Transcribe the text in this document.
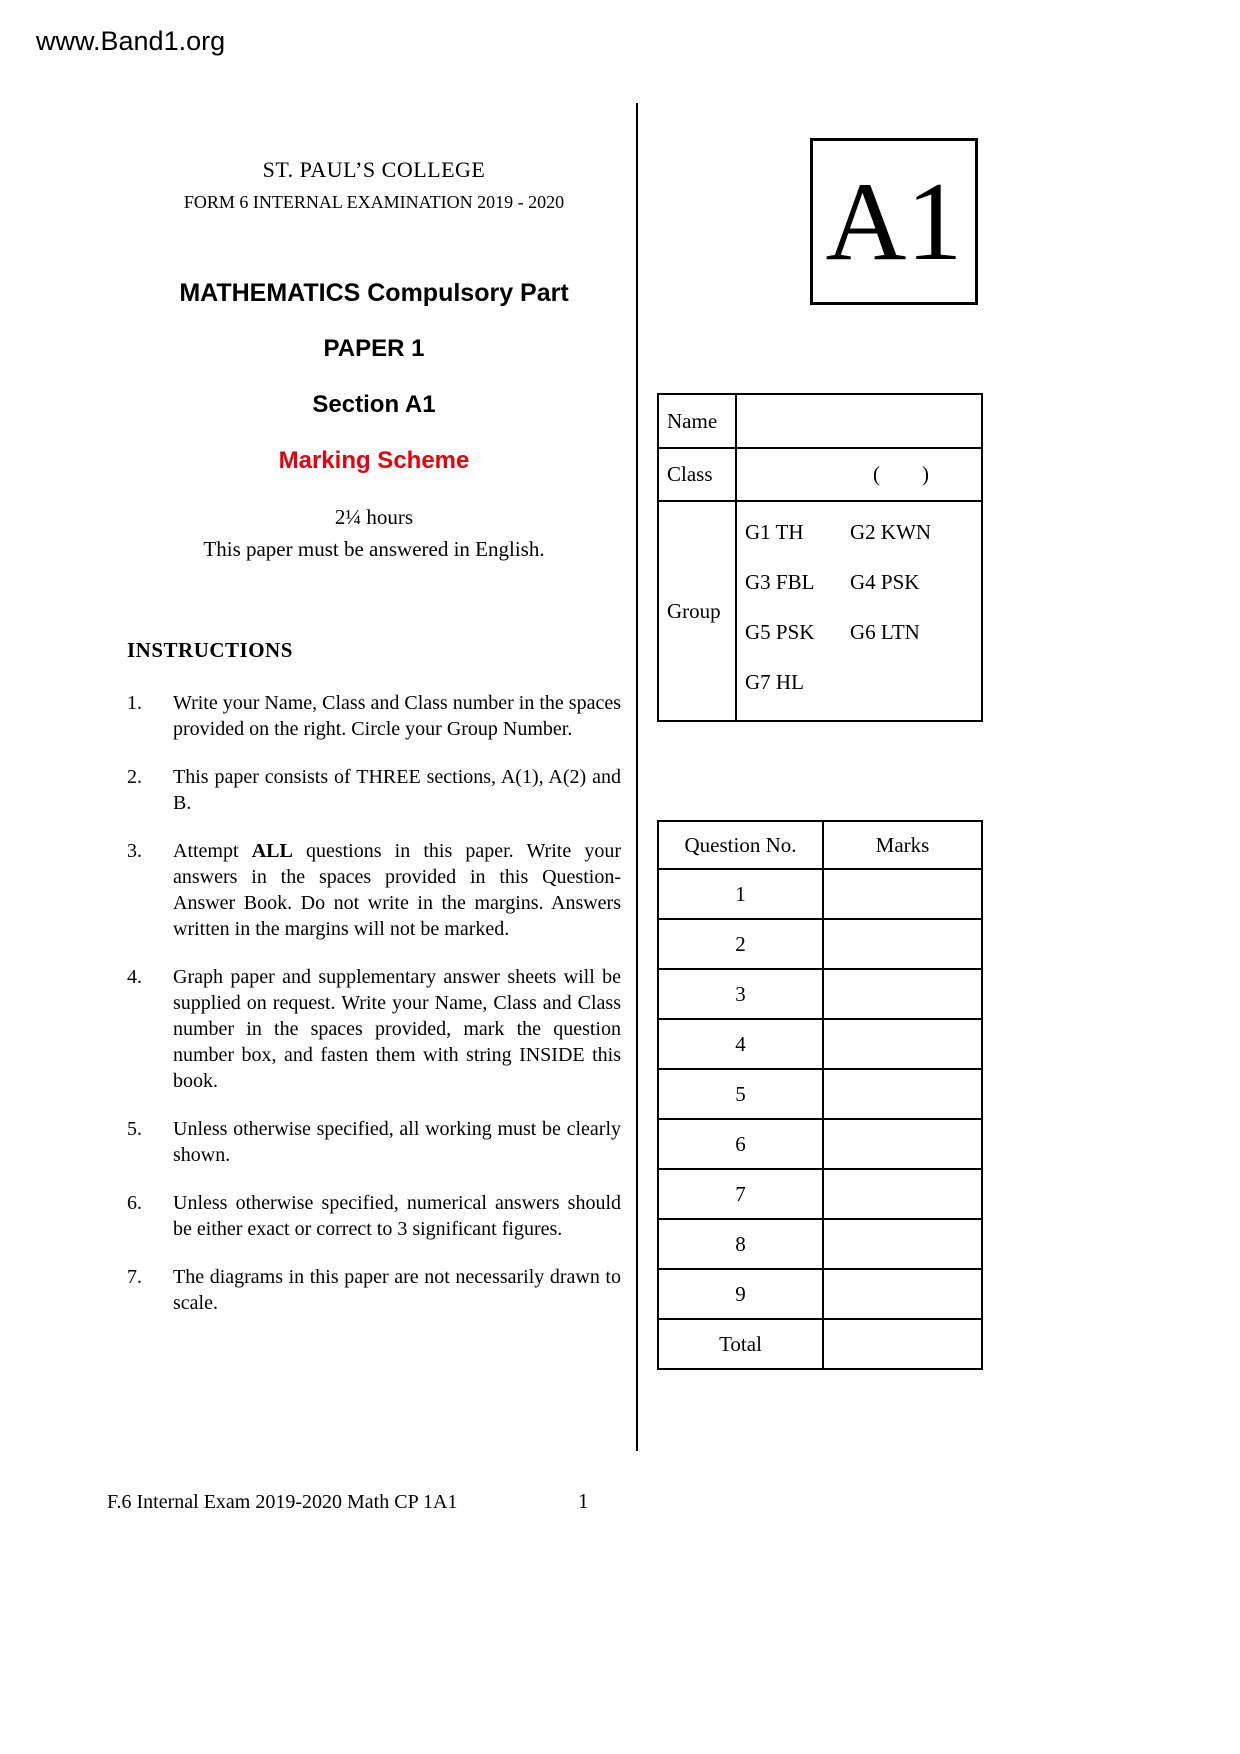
www.Band1.org
ST. PAUL’S COLLEGE
FORM 6 INTERNAL EXAMINATION 2019 - 2020
MATHEMATICS Compulsory Part
PAPER 1
Section A1
Marking Scheme
2¼ hours
This paper must be answered in English.
INSTRUCTIONS
1.	Write your Name, Class and Class number in the spaces provided on the right. Circle your Group Number.
2.	This paper consists of THREE sections, A(1), A(2) and B.
3.	Attempt ALL questions in this paper. Write your answers in the spaces provided in this Question-Answer Book. Do not write in the margins. Answers written in the margins will not be marked.
4.	Graph paper and supplementary answer sheets will be supplied on request. Write your Name, Class and Class number in the spaces provided, mark the question number box, and fasten them with string INSIDE this book.
5.	Unless otherwise specified, all working must be clearly shown.
6.	Unless otherwise specified, numerical answers should be either exact or correct to 3 significant figures.
7.	The diagrams in this paper are not necessarily drawn to scale.
A1
Name	
Class	(        )
Group	
G1 TH	G2 KWN
G3 FBL	G4 PSK
G5 PSK	G6 LTN
G7 HL
Question No.	Marks
1	
2	
3	
4	
5	
6	
7	
8	
9	
Total	
F.6 Internal Exam 2019-2020 Math CP 1A1	1
